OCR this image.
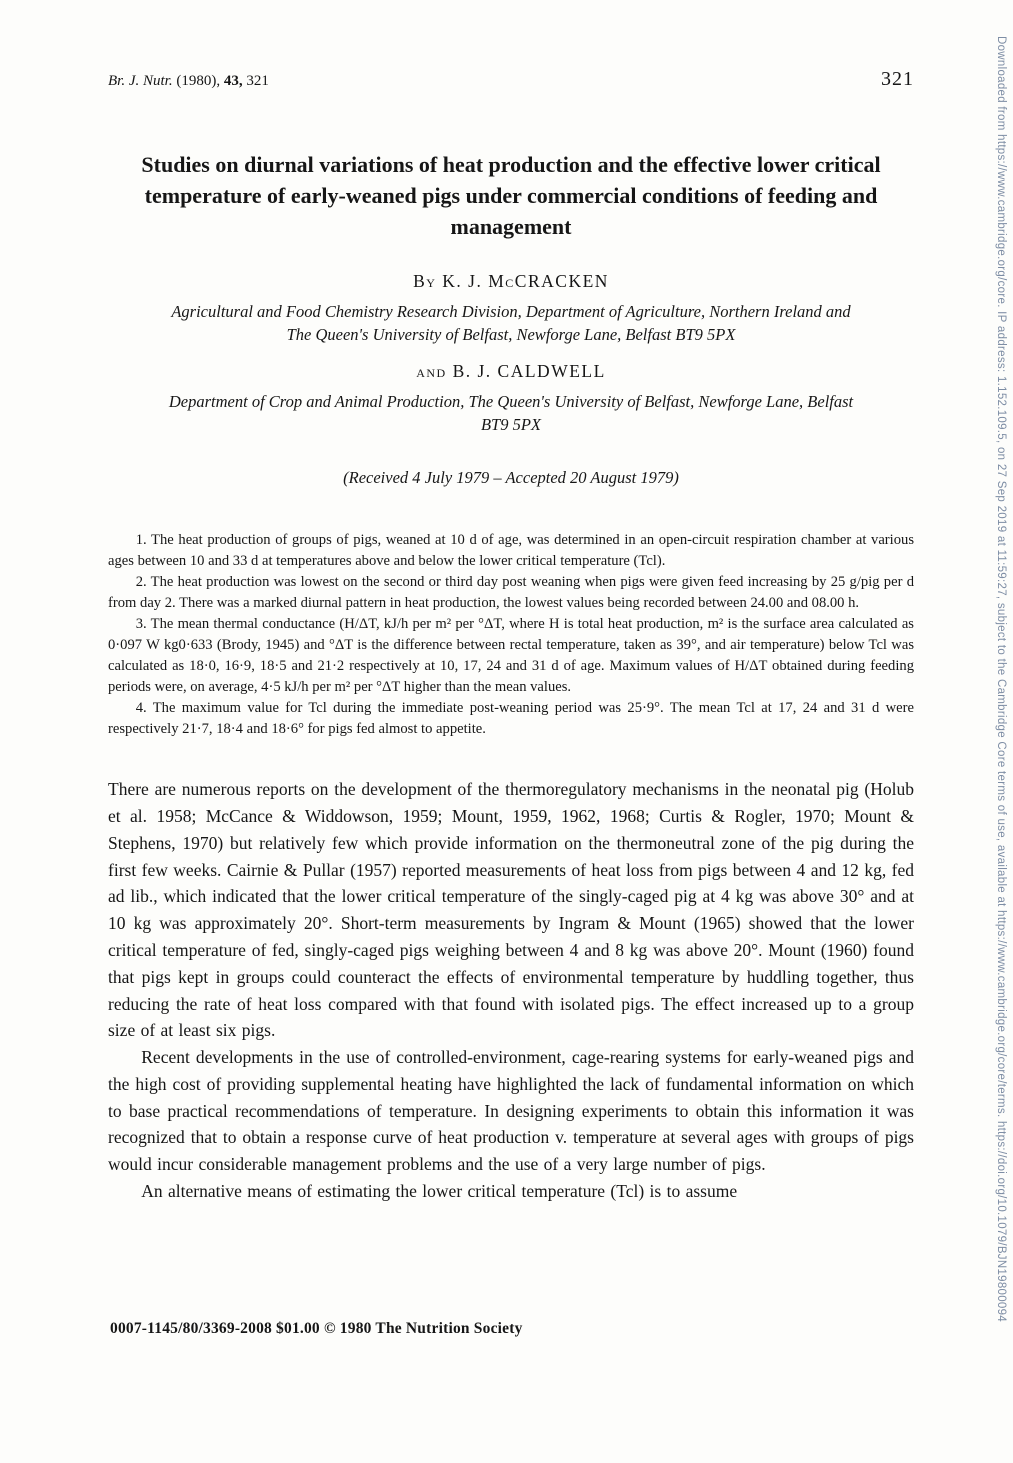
Br. J. Nutr. (1980), 43, 321	321
Studies on diurnal variations of heat production and the effective lower critical temperature of early-weaned pigs under commercial conditions of feeding and management
By K. J. McCRACKEN
Agricultural and Food Chemistry Research Division, Department of Agriculture, Northern Ireland and The Queen's University of Belfast, Newforge Lane, Belfast BT9 5PX
and B. J. CALDWELL
Department of Crop and Animal Production, The Queen's University of Belfast, Newforge Lane, Belfast BT9 5PX
(Received 4 July 1979 – Accepted 20 August 1979)

1. The heat production of groups of pigs, weaned at 10 d of age, was determined in an open-circuit respiration chamber at various ages between 10 and 33 d at temperatures above and below the lower critical temperature (Tcl).

2. The heat production was lowest on the second or third day post weaning when pigs were given feed increasing by 25 g/pig per d from day 2. There was a marked diurnal pattern in heat production, the lowest values being recorded between 24.00 and 08.00 h.

3. The mean thermal conductance (H/ΔT, kJ/h per m² per °ΔT, where H is total heat production, m² is the surface area calculated as 0·097 W kg0·633 (Brody, 1945) and °ΔT is the difference between rectal temperature, taken as 39°, and air temperature) below Tcl was calculated as 18·0, 16·9, 18·5 and 21·2 respectively at 10, 17, 24 and 31 d of age. Maximum values of H/ΔT obtained during feeding periods were, on average, 4·5 kJ/h per m² per °ΔT higher than the mean values.

4. The maximum value for Tcl during the immediate post-weaning period was 25·9°. The mean Tcl at 17, 24 and 31 d were respectively 21·7, 18·4 and 18·6° for pigs fed almost to appetite.

There are numerous reports on the development of the thermoregulatory mechanisms in the neonatal pig (Holub et al. 1958; McCance & Widdowson, 1959; Mount, 1959, 1962, 1968; Curtis & Rogler, 1970; Mount & Stephens, 1970) but relatively few which provide information on the thermoneutral zone of the pig during the first few weeks. Cairnie & Pullar (1957) reported measurements of heat loss from pigs between 4 and 12 kg, fed ad lib., which indicated that the lower critical temperature of the singly-caged pig at 4 kg was above 30° and at 10 kg was approximately 20°. Short-term measurements by Ingram & Mount (1965) showed that the lower critical temperature of fed, singly-caged pigs weighing between 4 and 8 kg was above 20°. Mount (1960) found that pigs kept in groups could counteract the effects of environmental temperature by huddling together, thus reducing the rate of heat loss compared with that found with isolated pigs. The effect increased up to a group size of at least six pigs.

Recent developments in the use of controlled-environment, cage-rearing systems for early-weaned pigs and the high cost of providing supplemental heating have highlighted the lack of fundamental information on which to base practical recommendations of temperature. In designing experiments to obtain this information it was recognized that to obtain a response curve of heat production v. temperature at several ages with groups of pigs would incur considerable management problems and the use of a very large number of pigs.

An alternative means of estimating the lower critical temperature (Tcl) is to assume

0007-1145/80/3369-2008 $01.00 © 1980 The Nutrition Society
Downloaded from https://www.cambridge.org/core. IP address: 1.152.109.5, on 27 Sep 2019 at 11:59:27, subject to the Cambridge Core terms of use, available at https://www.cambridge.org/core/terms. https://doi.org/10.1079/BJN19800094
